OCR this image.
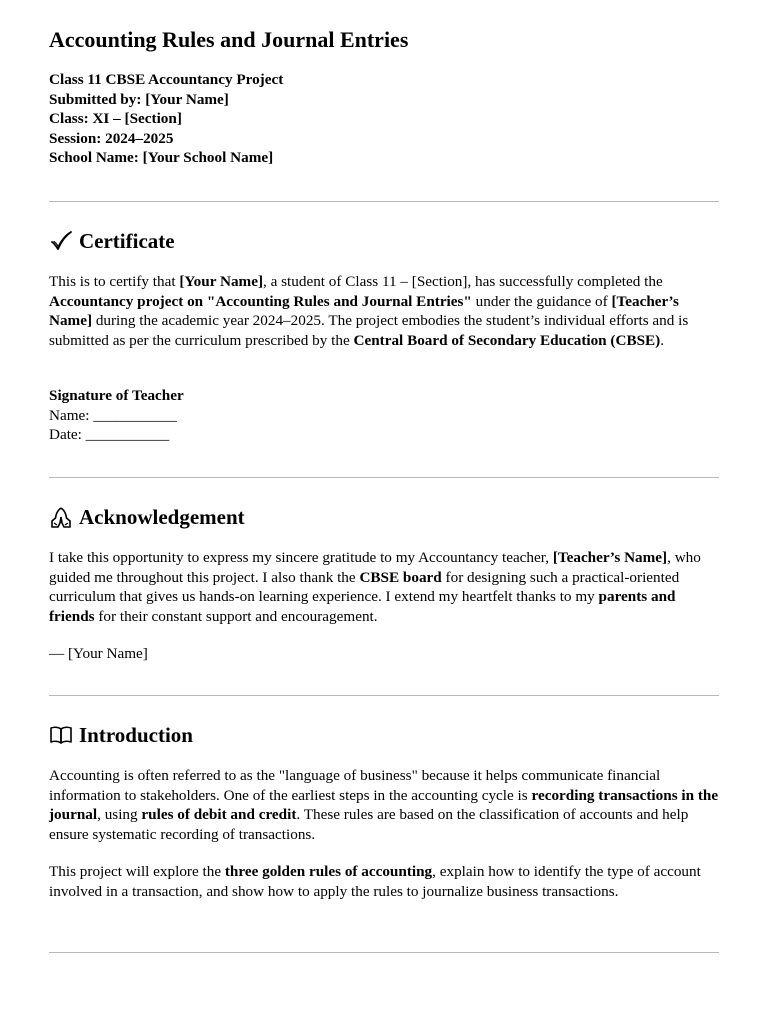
Accounting Rules and Journal Entries
Class 11 CBSE Accountancy Project
Submitted by: [Your Name]
Class: XI – [Section]
Session: 2024–2025
School Name: [Your School Name]
Certificate

This is to certify that [Your Name], a student of Class 11 – [Section], has successfully completed the Accountancy project on "Accounting Rules and Journal Entries" under the guidance of [Teacher’s Name] during the academic year 2024–2025. The project embodies the student’s individual efforts and is submitted as per the curriculum prescribed by the Central Board of Secondary Education (CBSE).

Signature of Teacher
Name: ___________
Date: ___________
Acknowledgement

I take this opportunity to express my sincere gratitude to my Accountancy teacher, [Teacher’s Name], who guided me throughout this project. I also thank the CBSE board for designing such a practical-oriented curriculum that gives us hands-on learning experience. I extend my heartfelt thanks to my parents and friends for their constant support and encouragement.

— [Your Name]

Introduction

Accounting is often referred to as the "language of business" because it helps communicate financial information to stakeholders. One of the earliest steps in the accounting cycle is recording transactions in the journal, using rules of debit and credit. These rules are based on the classification of accounts and help ensure systematic recording of transactions.

This project will explore the three golden rules of accounting, explain how to identify the type of account involved in a transaction, and show how to apply the rules to journalize business transactions.
